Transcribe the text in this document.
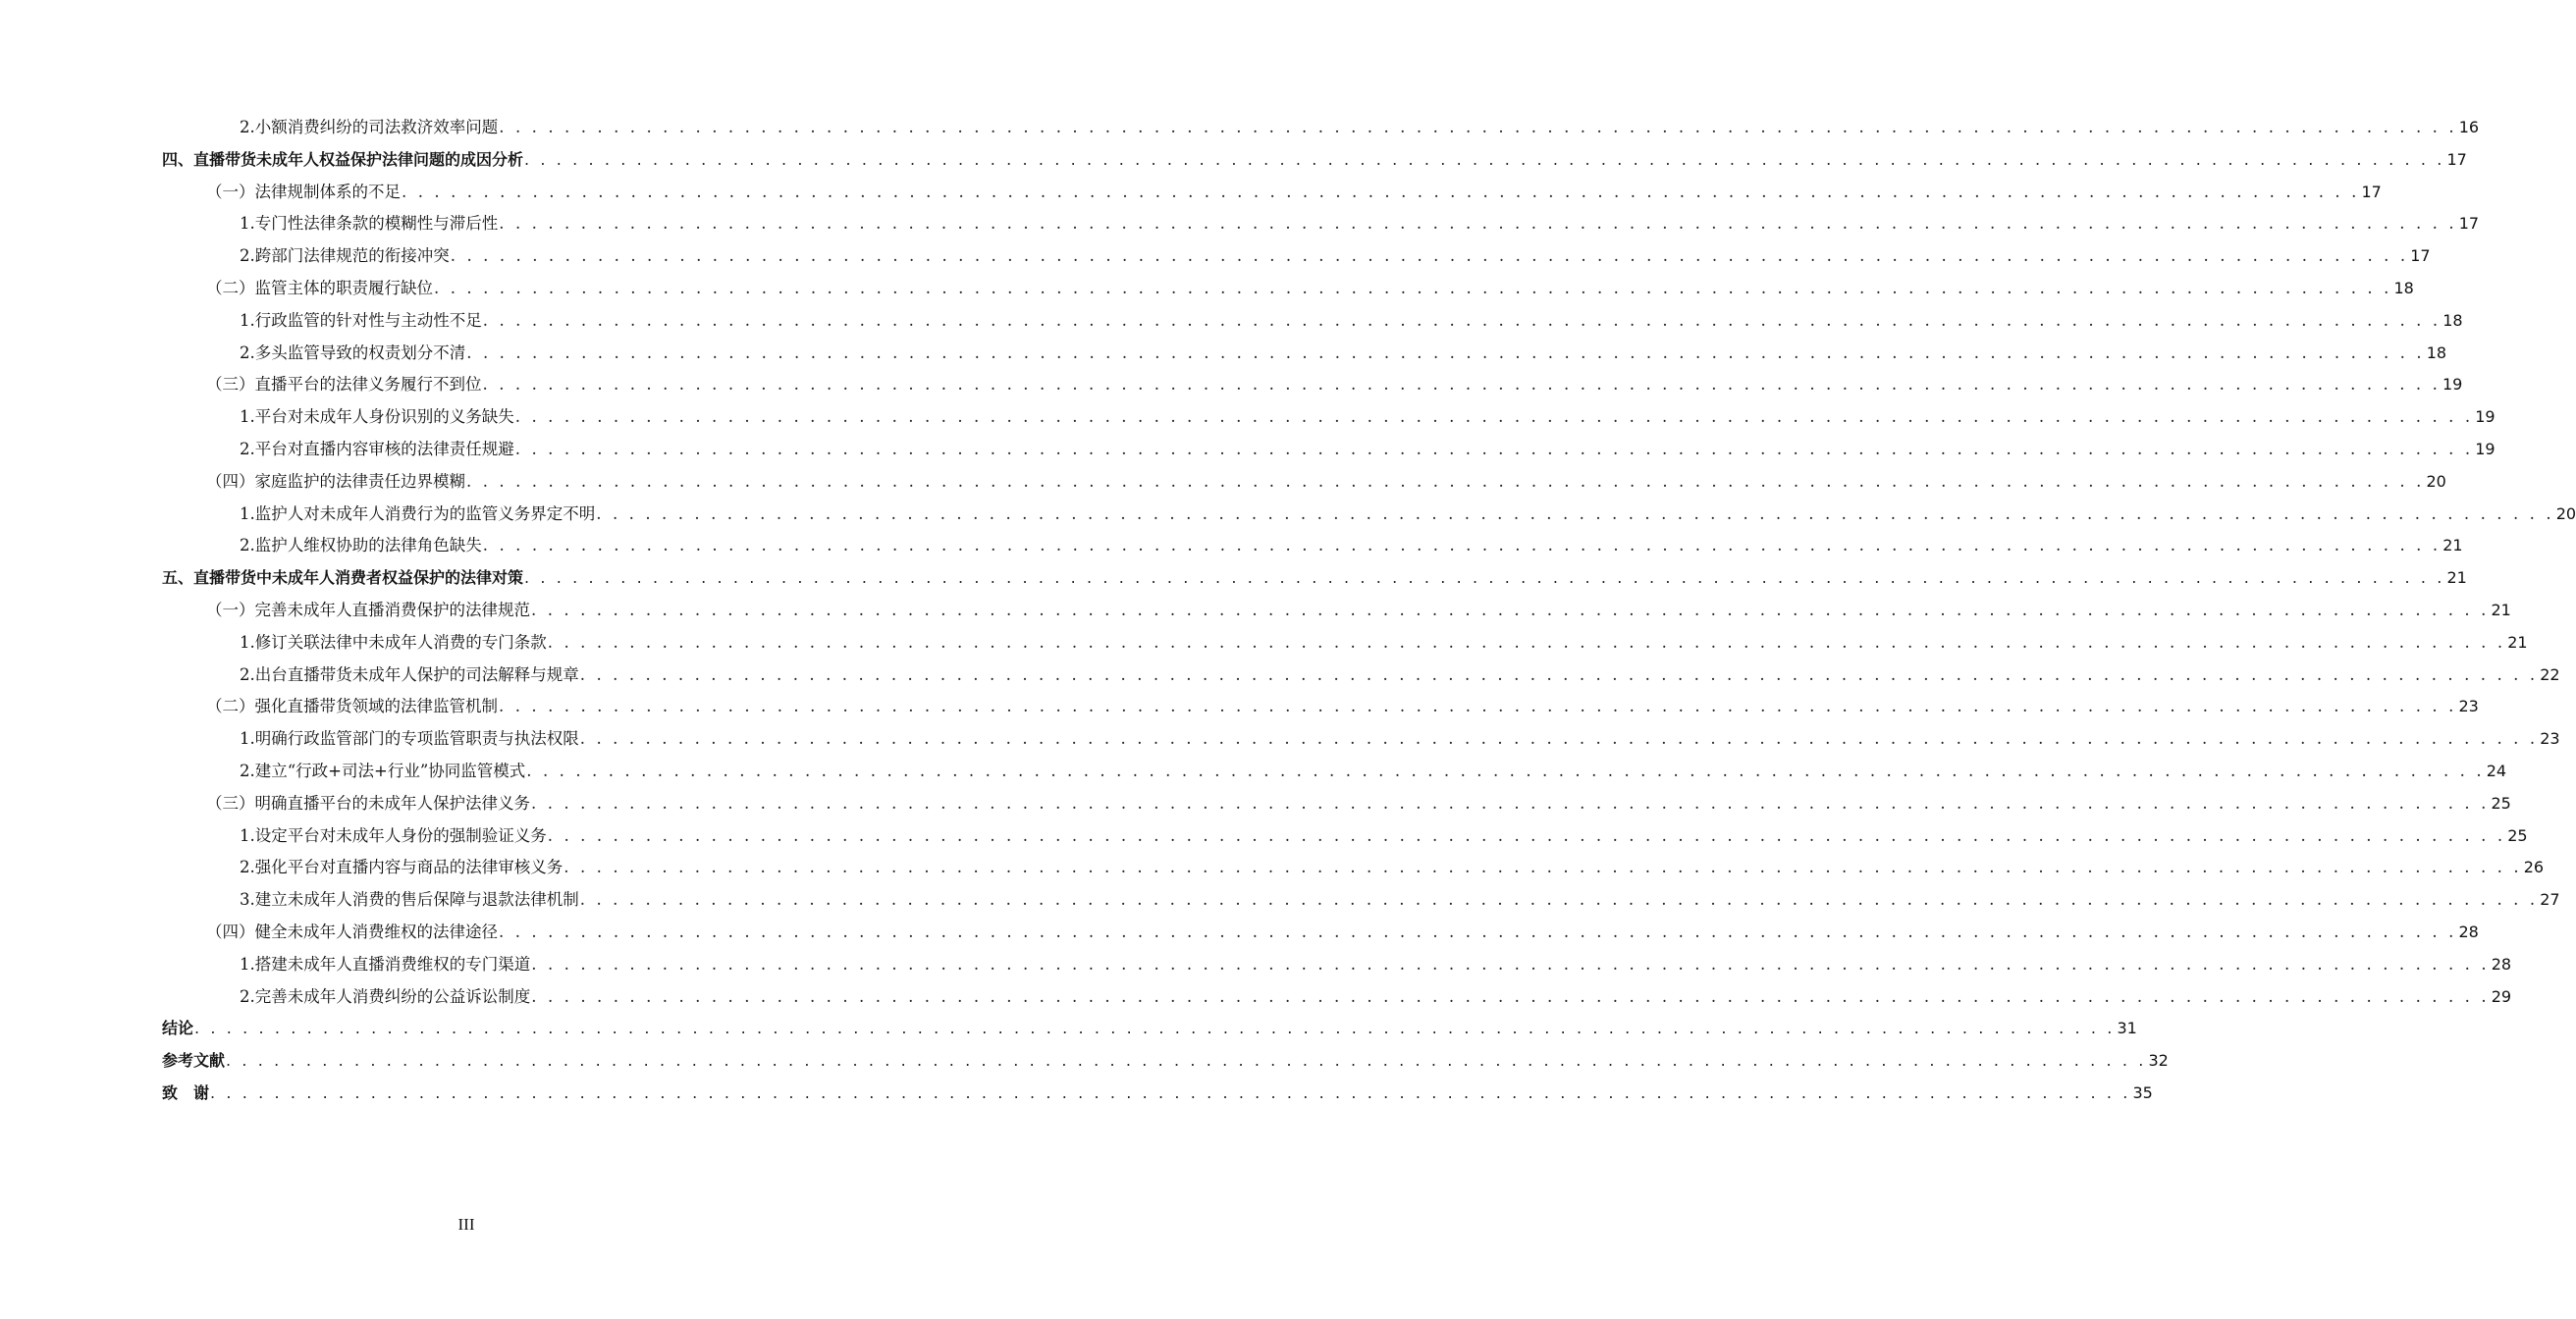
2.小额消费纠纷的司法救济效率问题 . . . . . . . . . . . . . . . . . . . . . . . . . . . . . . . . . . . . . . . . . . . . . . . . . . . . . . . . . . . . . . . . . . . . . . . . . . . . . . . . . . . . . . . . . . . . . . . . . . . . . . . . . . . . . . . . . . . . . . . . 16
四、直播带货未成年人权益保护法律问题的成因分析 . . . . . . . . . . . . . . . . . . . . . . . . . . . . . . . . . . . . . . . . . . . . . . . . . . . . . . . . . . . . . . . . . . . . . . . . . . . . . . . . . . . . . . . . . . . . . . . . . . . . . . . . . . . . . . . . . . . . . . . . 17
（一）法律规制体系的不足 . . . . . . . . . . . . . . . . . . . . . . . . . . . . . . . . . . . . . . . . . . . . . . . . . . . . . . . . . . . . . . . . . . . . . . . . . . . . . . . . . . . . . . . . . . . . . . . . . . . . . . . . . . . . . . . . . . . . . . . . 17
1.专门性法律条款的模糊性与滞后性 . . . . . . . . . . . . . . . . . . . . . . . . . . . . . . . . . . . . . . . . . . . . . . . . . . . . . . . . . . . . . . . . . . . . . . . . . . . . . . . . . . . . . . . . . . . . . . . . . . . . . . . . . . . . . . . . . . . . . . . . 17
2.跨部门法律规范的衔接冲突 . . . . . . . . . . . . . . . . . . . . . . . . . . . . . . . . . . . . . . . . . . . . . . . . . . . . . . . . . . . . . . . . . . . . . . . . . . . . . . . . . . . . . . . . . . . . . . . . . . . . . . . . . . . . . . . . . . . . . . . . 17
（二）监管主体的职责履行缺位 . . . . . . . . . . . . . . . . . . . . . . . . . . . . . . . . . . . . . . . . . . . . . . . . . . . . . . . . . . . . . . . . . . . . . . . . . . . . . . . . . . . . . . . . . . . . . . . . . . . . . . . . . . . . . . . . . . . . . . . . 18
1.行政监管的针对性与主动性不足 . . . . . . . . . . . . . . . . . . . . . . . . . . . . . . . . . . . . . . . . . . . . . . . . . . . . . . . . . . . . . . . . . . . . . . . . . . . . . . . . . . . . . . . . . . . . . . . . . . . . . . . . . . . . . . . . . . . . . . . . 18
2.多头监管导致的权责划分不清 . . . . . . . . . . . . . . . . . . . . . . . . . . . . . . . . . . . . . . . . . . . . . . . . . . . . . . . . . . . . . . . . . . . . . . . . . . . . . . . . . . . . . . . . . . . . . . . . . . . . . . . . . . . . . . . . . . . . . . . . 18
（三）直播平台的法律义务履行不到位 . . . . . . . . . . . . . . . . . . . . . . . . . . . . . . . . . . . . . . . . . . . . . . . . . . . . . . . . . . . . . . . . . . . . . . . . . . . . . . . . . . . . . . . . . . . . . . . . . . . . . . . . . . . . . . . . . . . . . . . . 19
1.平台对未成年人身份识别的义务缺失 . . . . . . . . . . . . . . . . . . . . . . . . . . . . . . . . . . . . . . . . . . . . . . . . . . . . . . . . . . . . . . . . . . . . . . . . . . . . . . . . . . . . . . . . . . . . . . . . . . . . . . . . . . . . . . . . . . . . . . . . 19
2.平台对直播内容审核的法律责任规避 . . . . . . . . . . . . . . . . . . . . . . . . . . . . . . . . . . . . . . . . . . . . . . . . . . . . . . . . . . . . . . . . . . . . . . . . . . . . . . . . . . . . . . . . . . . . . . . . . . . . . . . . . . . . . . . . . . . . . . . . 19
（四）家庭监护的法律责任边界模糊 . . . . . . . . . . . . . . . . . . . . . . . . . . . . . . . . . . . . . . . . . . . . . . . . . . . . . . . . . . . . . . . . . . . . . . . . . . . . . . . . . . . . . . . . . . . . . . . . . . . . . . . . . . . . . . . . . . . . . . . . 20
1.监护人对未成年人消费行为的监管义务界定不明 . . . . . . . . . . . . . . . . . . . . . . . . . . . . . . . . . . . . . . . . . . . . . . . . . . . . . . . . . . . . . . . . . . . . . . . . . . . . . . . . . . . . . . . . . . . . . . . . . . . . . . . . . . . . . . . . . . . . . . . . 20
2.监护人维权协助的法律角色缺失 . . . . . . . . . . . . . . . . . . . . . . . . . . . . . . . . . . . . . . . . . . . . . . . . . . . . . . . . . . . . . . . . . . . . . . . . . . . . . . . . . . . . . . . . . . . . . . . . . . . . . . . . . . . . . . . . . . . . . . . . 21
五、直播带货中未成年人消费者权益保护的法律对策 . . . . . . . . . . . . . . . . . . . . . . . . . . . . . . . . . . . . . . . . . . . . . . . . . . . . . . . . . . . . . . . . . . . . . . . . . . . . . . . . . . . . . . . . . . . . . . . . . . . . . . . . . . . . . . . . . . . . . . . . 21
（一）完善未成年人直播消费保护的法律规范 . . . . . . . . . . . . . . . . . . . . . . . . . . . . . . . . . . . . . . . . . . . . . . . . . . . . . . . . . . . . . . . . . . . . . . . . . . . . . . . . . . . . . . . . . . . . . . . . . . . . . . . . . . . . . . . . . . . . . . . . 21
1.修订关联法律中未成年人消费的专门条款 . . . . . . . . . . . . . . . . . . . . . . . . . . . . . . . . . . . . . . . . . . . . . . . . . . . . . . . . . . . . . . . . . . . . . . . . . . . . . . . . . . . . . . . . . . . . . . . . . . . . . . . . . . . . . . . . . . . . . . . . 21
2.出台直播带货未成年人保护的司法解释与规章 . . . . . . . . . . . . . . . . . . . . . . . . . . . . . . . . . . . . . . . . . . . . . . . . . . . . . . . . . . . . . . . . . . . . . . . . . . . . . . . . . . . . . . . . . . . . . . . . . . . . . . . . . . . . . . . . . . . . . . . . 22
（二）强化直播带货领域的法律监管机制 . . . . . . . . . . . . . . . . . . . . . . . . . . . . . . . . . . . . . . . . . . . . . . . . . . . . . . . . . . . . . . . . . . . . . . . . . . . . . . . . . . . . . . . . . . . . . . . . . . . . . . . . . . . . . . . . . . . . . . . . 23
1.明确行政监管部门的专项监管职责与执法权限 . . . . . . . . . . . . . . . . . . . . . . . . . . . . . . . . . . . . . . . . . . . . . . . . . . . . . . . . . . . . . . . . . . . . . . . . . . . . . . . . . . . . . . . . . . . . . . . . . . . . . . . . . . . . . . . . . . . . . . . . 23
2.建立“行政+司法+行业”协同监管模式 . . . . . . . . . . . . . . . . . . . . . . . . . . . . . . . . . . . . . . . . . . . . . . . . . . . . . . . . . . . . . . . . . . . . . . . . . . . . . . . . . . . . . . . . . . . . . . . . . . . . . . . . . . . . . . . . . . . . . . . . 24
（三）明确直播平台的未成年人保护法律义务 . . . . . . . . . . . . . . . . . . . . . . . . . . . . . . . . . . . . . . . . . . . . . . . . . . . . . . . . . . . . . . . . . . . . . . . . . . . . . . . . . . . . . . . . . . . . . . . . . . . . . . . . . . . . . . . . . . . . . . . . 25
1.设定平台对未成年人身份的强制验证义务 . . . . . . . . . . . . . . . . . . . . . . . . . . . . . . . . . . . . . . . . . . . . . . . . . . . . . . . . . . . . . . . . . . . . . . . . . . . . . . . . . . . . . . . . . . . . . . . . . . . . . . . . . . . . . . . . . . . . . . . . 25
2.强化平台对直播内容与商品的法律审核义务 . . . . . . . . . . . . . . . . . . . . . . . . . . . . . . . . . . . . . . . . . . . . . . . . . . . . . . . . . . . . . . . . . . . . . . . . . . . . . . . . . . . . . . . . . . . . . . . . . . . . . . . . . . . . . . . . . . . . . . . . 26
3.建立未成年人消费的售后保障与退款法律机制 . . . . . . . . . . . . . . . . . . . . . . . . . . . . . . . . . . . . . . . . . . . . . . . . . . . . . . . . . . . . . . . . . . . . . . . . . . . . . . . . . . . . . . . . . . . . . . . . . . . . . . . . . . . . . . . . . . . . . . . . 27
（四）健全未成年人消费维权的法律途径 . . . . . . . . . . . . . . . . . . . . . . . . . . . . . . . . . . . . . . . . . . . . . . . . . . . . . . . . . . . . . . . . . . . . . . . . . . . . . . . . . . . . . . . . . . . . . . . . . . . . . . . . . . . . . . . . . . . . . . . . 28
1.搭建未成年人直播消费维权的专门渠道 . . . . . . . . . . . . . . . . . . . . . . . . . . . . . . . . . . . . . . . . . . . . . . . . . . . . . . . . . . . . . . . . . . . . . . . . . . . . . . . . . . . . . . . . . . . . . . . . . . . . . . . . . . . . . . . . . . . . . . . . 28
2.完善未成年人消费纠纷的公益诉讼制度 . . . . . . . . . . . . . . . . . . . . . . . . . . . . . . . . . . . . . . . . . . . . . . . . . . . . . . . . . . . . . . . . . . . . . . . . . . . . . . . . . . . . . . . . . . . . . . . . . . . . . . . . . . . . . . . . . . . . . . . . 29
结论 . . . . . . . . . . . . . . . . . . . . . . . . . . . . . . . . . . . . . . . . . . . . . . . . . . . . . . . . . . . . . . . . . . . . . . . . . . . . . . . . . . . . . . . . . . . . . . . . . . . . . . . . . . . . . . . . . . . . . . . . 31
参考文献 . . . . . . . . . . . . . . . . . . . . . . . . . . . . . . . . . . . . . . . . . . . . . . . . . . . . . . . . . . . . . . . . . . . . . . . . . . . . . . . . . . . . . . . . . . . . . . . . . . . . . . . . . . . . . . . . . . . . . . . . 32
致　谢 . . . . . . . . . . . . . . . . . . . . . . . . . . . . . . . . . . . . . . . . . . . . . . . . . . . . . . . . . . . . . . . . . . . . . . . . . . . . . . . . . . . . . . . . . . . . . . . . . . . . . . . . . . . . . . . . . . . . . . . . 35
III
